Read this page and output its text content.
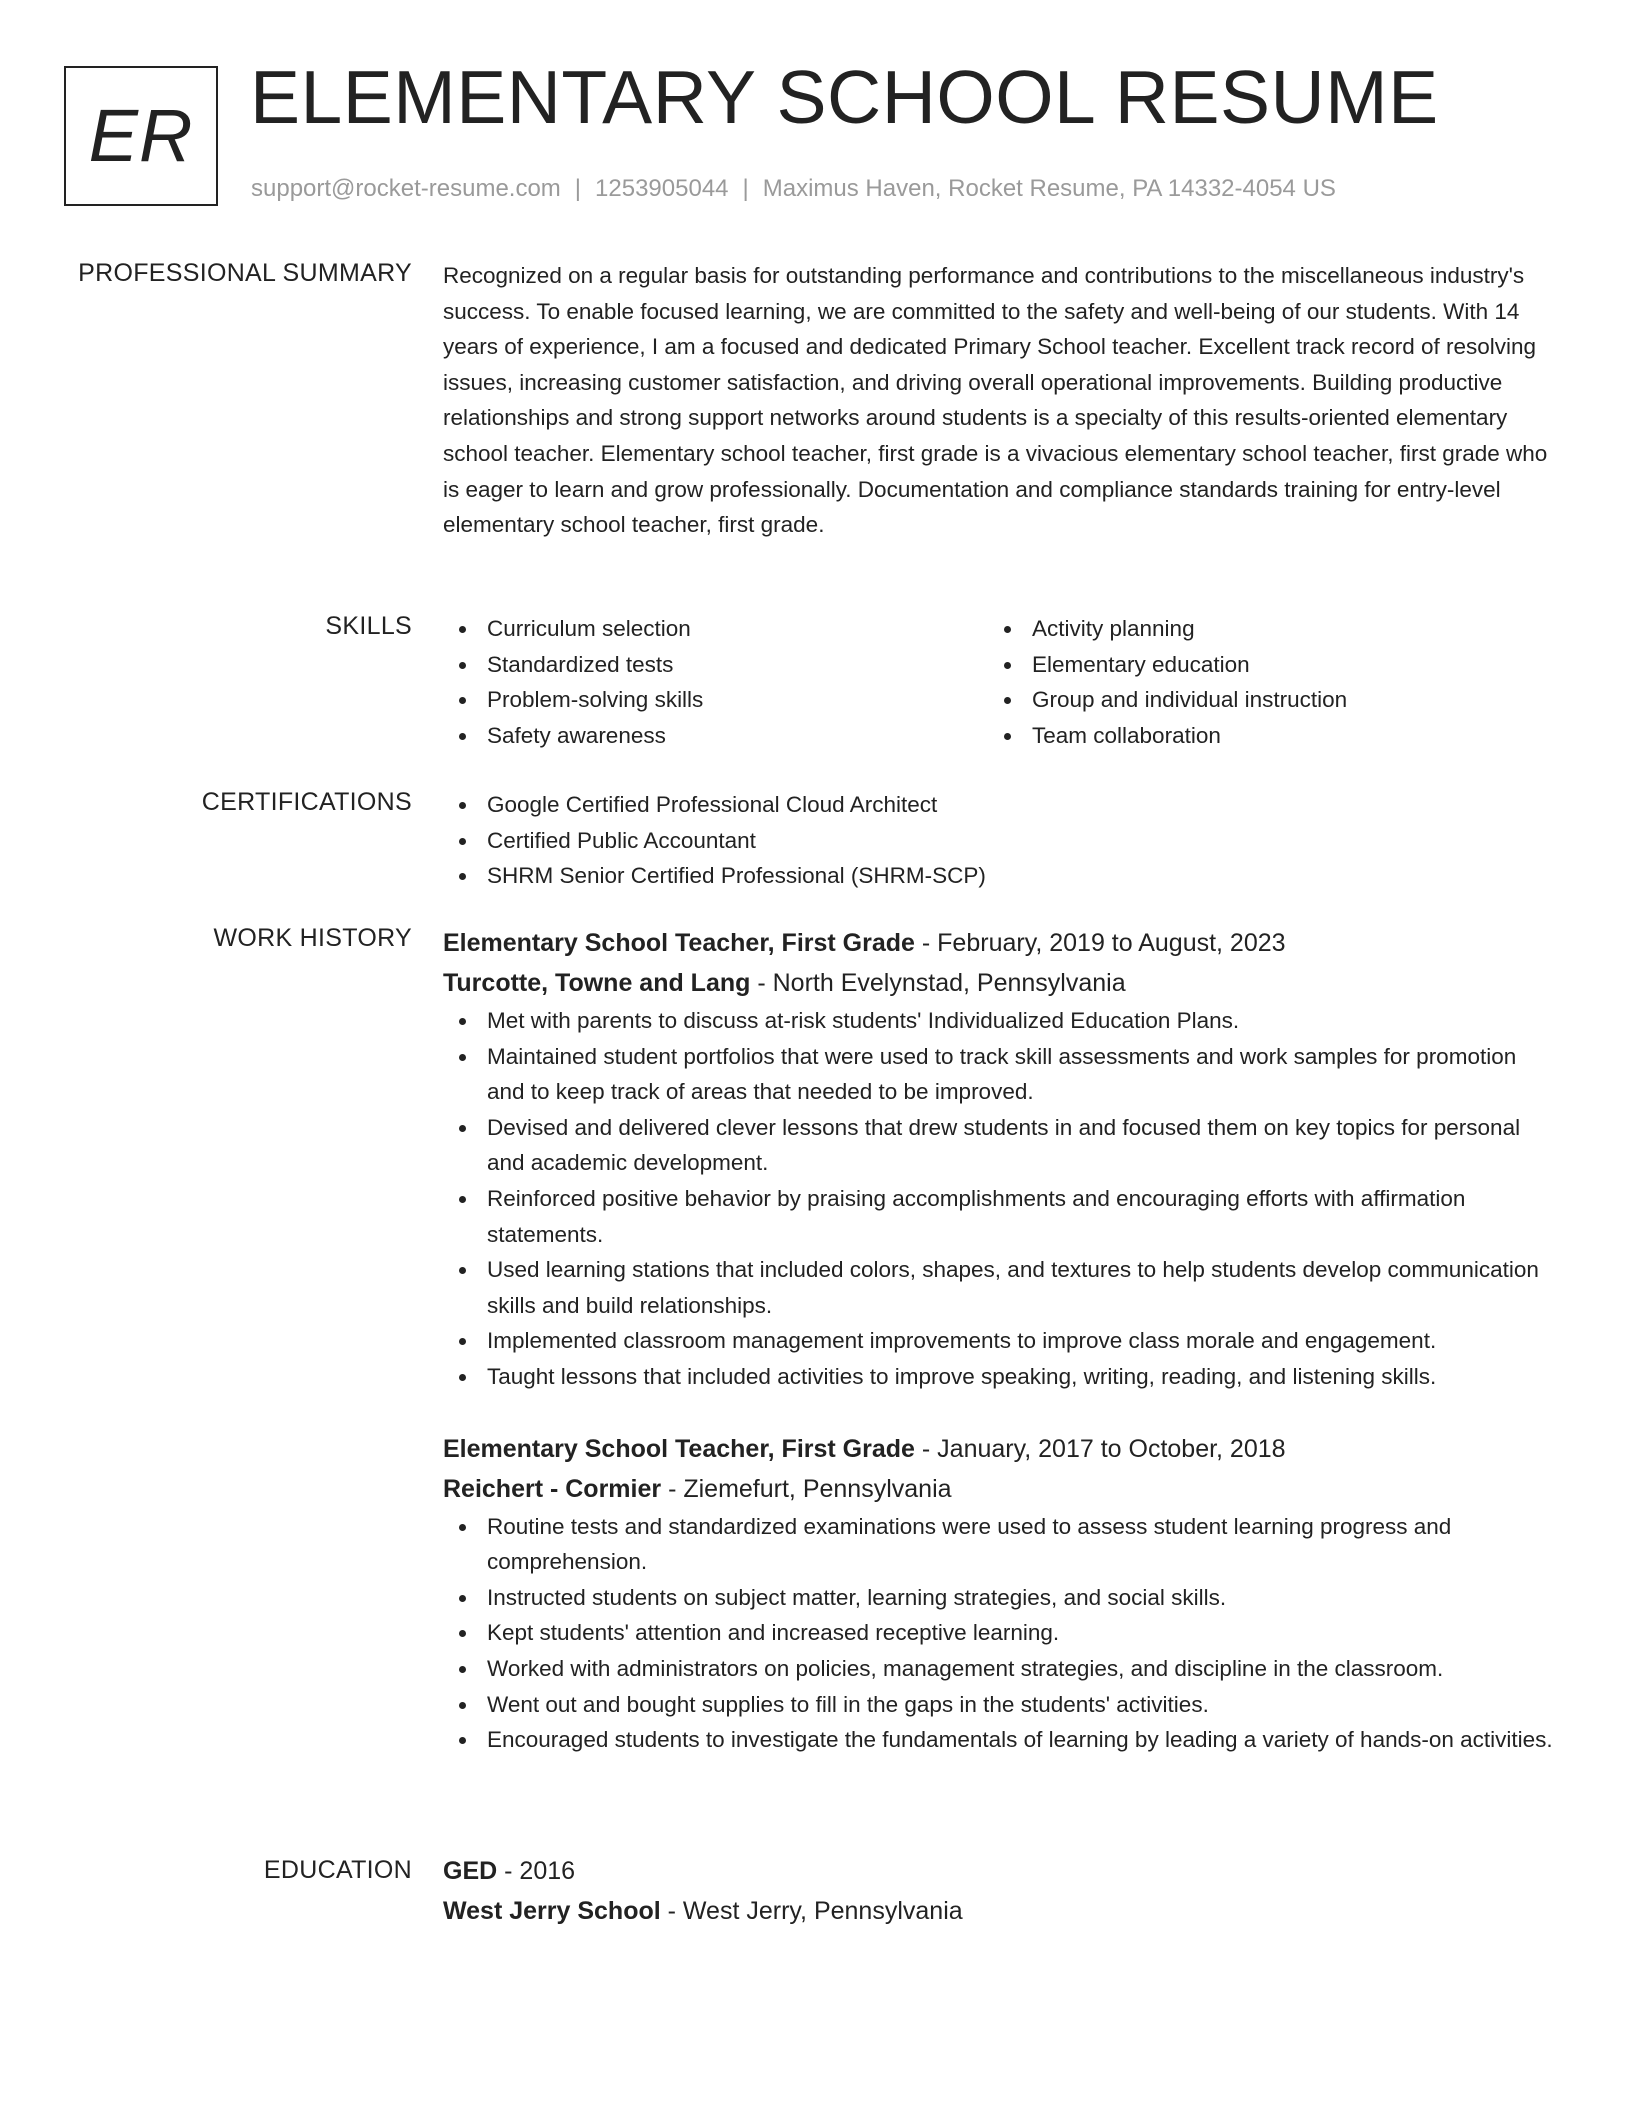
ER ELEMENTARY SCHOOL RESUME
support@rocket-resume.com | 1253905044 | Maximus Haven, Rocket Resume, PA 14332-4054 US
PROFESSIONAL SUMMARY Recognized on a regular basis for outstanding performance and contributions to the miscellaneous industry's success. To enable focused learning, we are committed to the safety and well-being of our students. With 14 years of experience, I am a focused and dedicated Primary School teacher. Excellent track record of resolving issues, increasing customer satisfaction, and driving overall operational improvements. Building productive relationships and strong support networks around students is a specialty of this results-oriented elementary school teacher. Elementary school teacher, first grade is a vivacious elementary school teacher, first grade who is eager to learn and grow professionally. Documentation and compliance standards training for entry-level elementary school teacher, first grade.

SKILLS	Curriculum selection
Standardized tests
Problem-solving skills
Safety awareness
Activity planning
Elementary education
Group and individual instruction
Team collaboration
CERTIFICATIONS	Google Certified Professional Cloud Architect
Certified Public Accountant
SHRM Senior Certified Professional (SHRM-SCP)
WORK HISTORY Elementary School Teacher, First Grade - February, 2019 to August, 2023
Turcotte, Towne and Lang - North Evelynstad, Pennsylvania
Met with parents to discuss at-risk students' Individualized Education Plans.
Maintained student portfolios that were used to track skill assessments and work samples for promotion and to keep track of areas that needed to be improved.
Devised and delivered clever lessons that drew students in and focused them on key topics for personal and academic development.
Reinforced positive behavior by praising accomplishments and encouraging efforts with affirmation statements.
Used learning stations that included colors, shapes, and textures to help students develop communication skills and build relationships.
Implemented classroom management improvements to improve class morale and engagement.
Taught lessons that included activities to improve speaking, writing, reading, and listening skills.
Elementary School Teacher, First Grade - January, 2017 to October, 2018
Reichert - Cormier - Ziemefurt, Pennsylvania
Routine tests and standardized examinations were used to assess student learning progress and comprehension.
Instructed students on subject matter, learning strategies, and social skills.
Kept students' attention and increased receptive learning.
Worked with administrators on policies, management strategies, and discipline in the classroom.
Went out and bought supplies to fill in the gaps in the students' activities.
Encouraged students to investigate the fundamentals of learning by leading a variety of hands-on activities.
EDUCATION GED - 2016
West Jerry School - West Jerry, Pennsylvania
